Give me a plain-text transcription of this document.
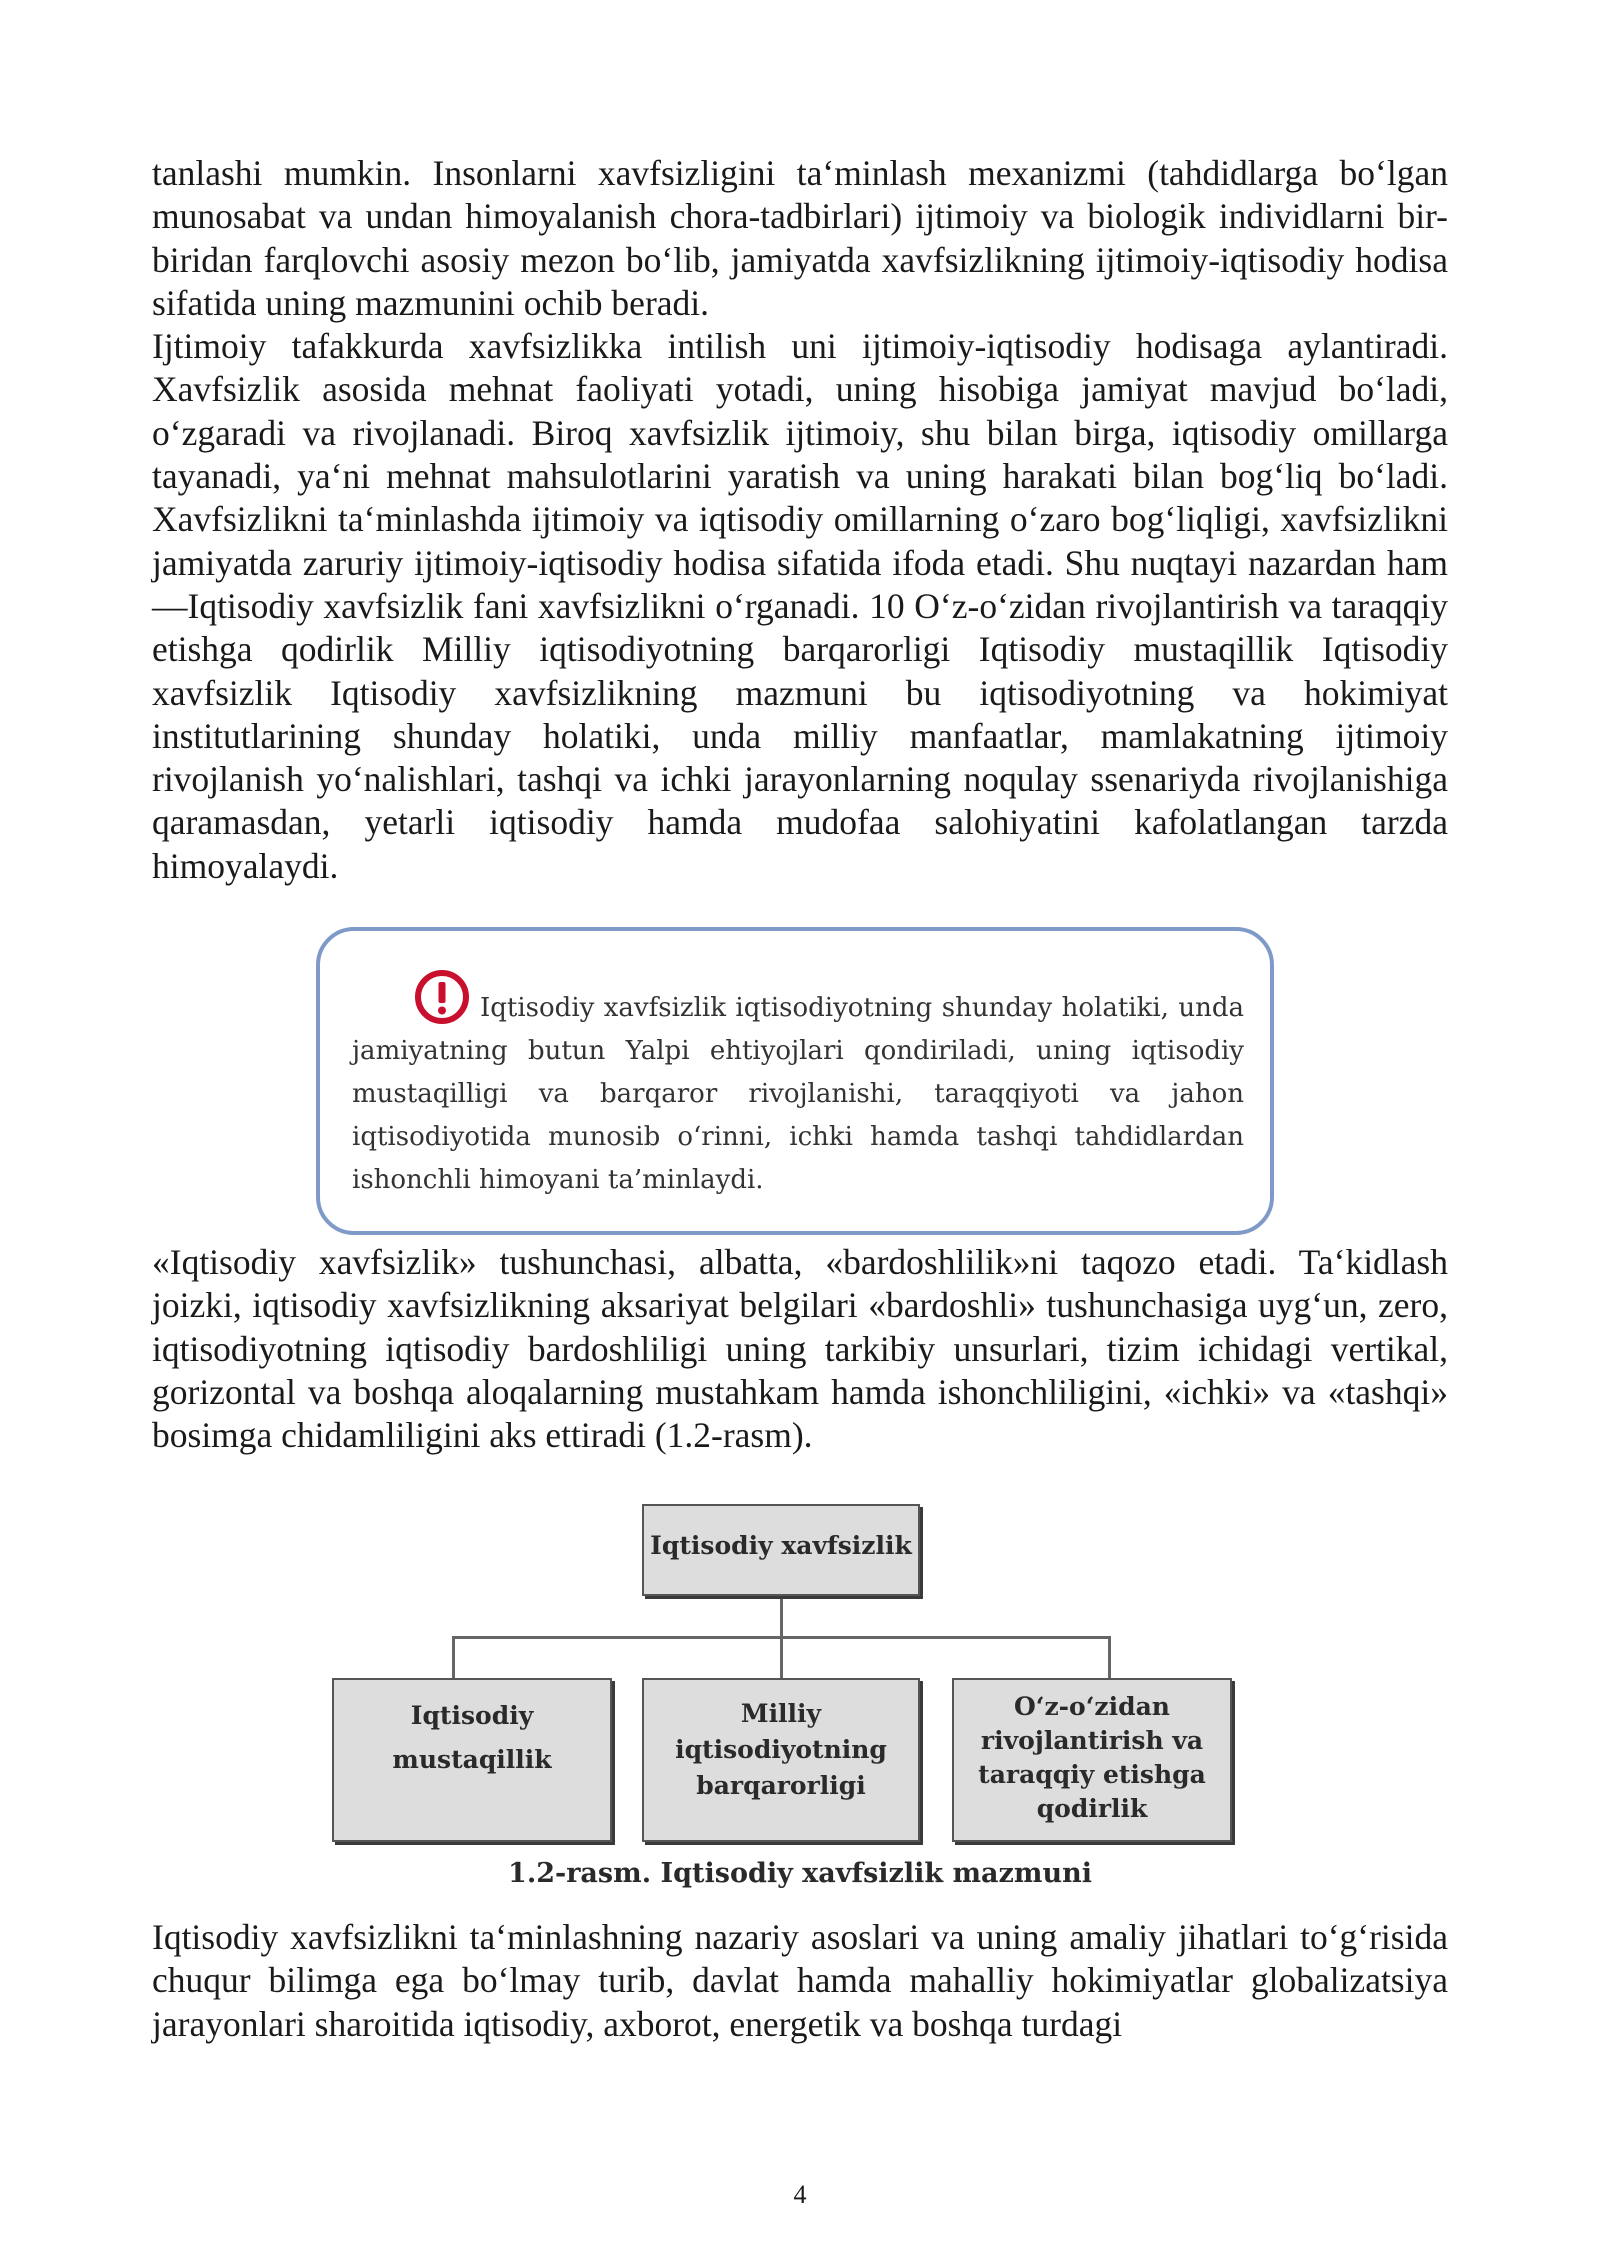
tanlashi mumkin. Insonlarni xavfsizligini ta‘minlash mexanizmi (tahdidlarga bo‘lgan munosabat va undan himoyalanish chora-tadbirlari) ijtimoiy va biologik individlarni bir-biridan farqlovchi asosiy mezon bo‘lib, jamiyatda xavfsizlikning ijtimoiy-iqtisodiy hodisa sifatida uning mazmunini ochib beradi.

Ijtimoiy tafakkurda xavfsizlikka intilish uni ijtimoiy-iqtisodiy hodisaga aylantiradi. Xavfsizlik asosida mehnat faoliyati yotadi, uning hisobiga jamiyat mavjud bo‘ladi, o‘zgaradi va rivojlanadi. Biroq xavfsizlik ijtimoiy, shu bilan birga, iqtisodiy omillarga tayanadi, ya‘ni mehnat mahsulotlarini yaratish va uning harakati bilan bog‘liq bo‘ladi. Xavfsizlikni ta‘minlashda ijtimoiy va iqtisodiy omillarning o‘zaro bog‘liqligi, xavfsizlikni jamiyatda zaruriy ijtimoiy-iqtisodiy hodisa sifatida ifoda etadi. Shu nuqtayi nazardan ham —Iqtisodiy xavfsizlik fani xavfsizlikni o‘rganadi. 10 O‘z-o‘zidan rivojlantirish va taraqqiy etishga qodirlik Milliy iqtisodiyotning barqarorligi Iqtisodiy mustaqillik Iqtisodiy xavfsizlik Iqtisodiy xavfsizlikning mazmuni bu iqtisodiyotning va hokimiyat institutlarining shunday holatiki, unda milliy manfaatlar, mamlakatning ijtimoiy rivojlanish yo‘nalishlari, tashqi va ichki jarayonlarning noqulay ssenariyda rivojlanishiga qaramasdan, yetarli iqtisodiy hamda mudofaa salohiyatini kafolatlangan tarzda himoyalaydi.

Iqtisodiy xavfsizlik iqtisodiyotning shunday holatiki, unda jamiyatning butun Yalpi ehtiyojlari qondiriladi, uning iqtisodiy mustaqilligi va barqaror rivojlanishi, taraqqiyoti va jahon iqtisodiyotida munosib o‘rinni, ichki hamda tashqi tahdidlardan ishonchli himoyani ta’minlaydi.

«Iqtisodiy xavfsizlik» tushunchasi, albatta, «bardoshlilik»ni taqozo etadi. Ta‘kidlash joizki, iqtisodiy xavfsizlikning aksariyat belgilari «bardoshli» tushunchasiga uyg‘un, zero, iqtisodiyotning iqtisodiy bardoshliligi uning tarkibiy unsurlari, tizim ichidagi vertikal, gorizontal va boshqa aloqalarning mustahkam hamda ishonchliligini, «ichki» va «tashqi» bosimga chidamliligini aks ettiradi (1.2-rasm).

Iqtisodiy xavfsizlik
Iqtisodiy
mustaqillik
Milliy
iqtisodiyotning
barqarorligi
O‘z-o‘zidan
rivojlantirish va
taraqqiy etishga
qodirlik
1.2-rasm. Iqtisodiy xavfsizlik mazmuni

Iqtisodiy xavfsizlikni ta‘minlashning nazariy asoslari va uning amaliy jihatlari to‘g‘risida chuqur bilimga ega bo‘lmay turib, davlat hamda mahalliy hokimiyatlar globalizatsiya jarayonlari sharoitida iqtisodiy, axborot, energetik va boshqa turdagi

4
